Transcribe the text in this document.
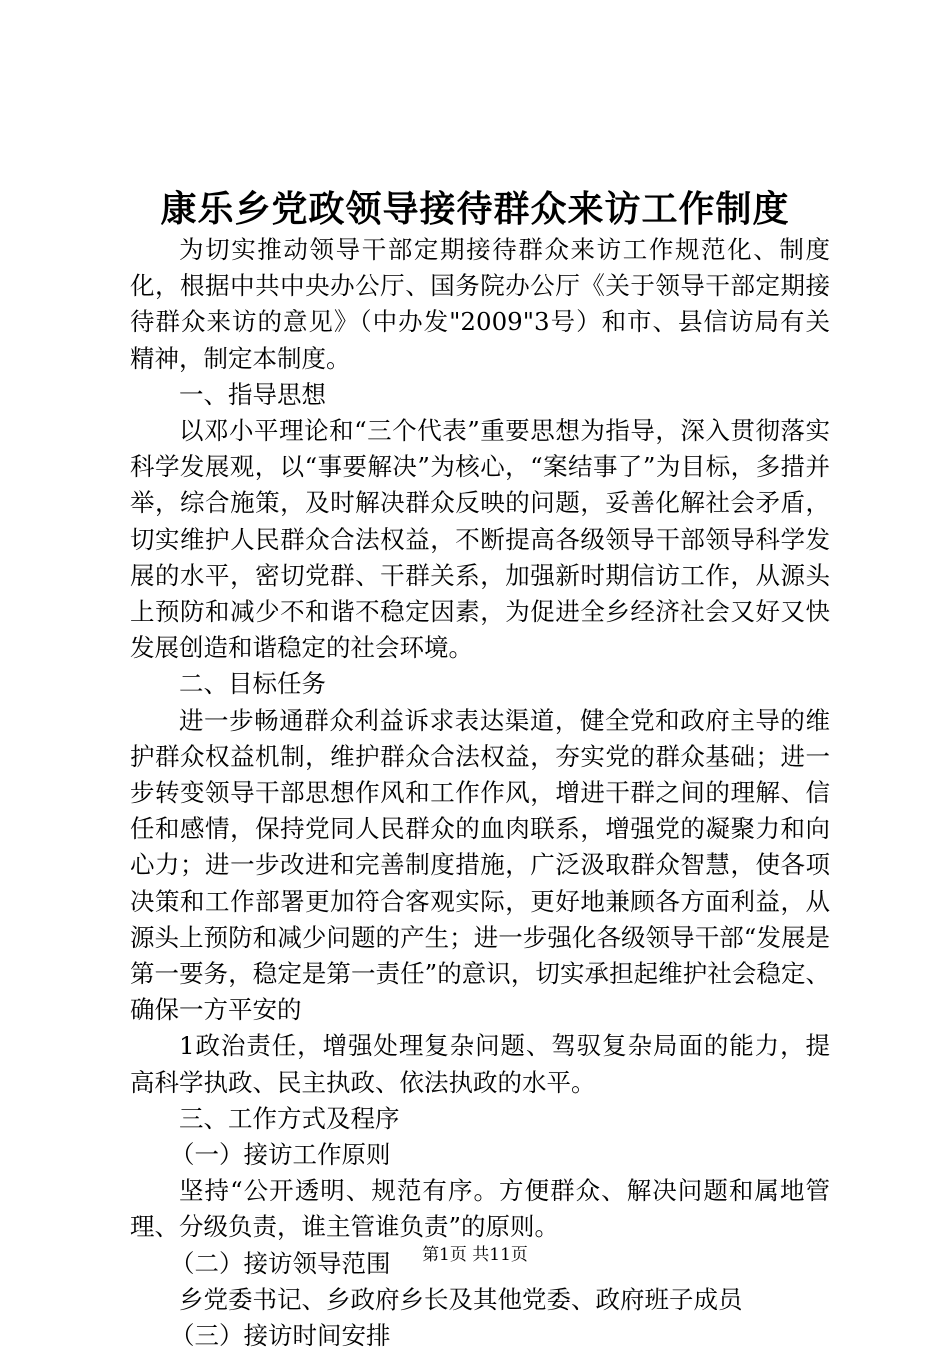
康乐乡党政领导接待群众来访工作制度

为切实推动领导干部定期接待群众来访工作规范化、制度化，根据中共中央办公厅、国务院办公厅《关于领导干部定期接待群众来访的意见》（中办发"2009"3号）和市、县信访局有关精神，制定本制度。

一、指导思想

以邓小平理论和“三个代表”重要思想为指导，深入贯彻落实科学发展观，以“事要解决”为核心，“案结事了”为目标，多措并举，综合施策，及时解决群众反映的问题，妥善化解社会矛盾，切实维护人民群众合法权益，不断提高各级领导干部领导科学发展的水平，密切党群、干群关系，加强新时期信访工作，从源头上预防和减少不和谐不稳定因素，为促进全乡经济社会又好又快发展创造和谐稳定的社会环境。

二、目标任务

进一步畅通群众利益诉求表达渠道，健全党和政府主导的维护群众权益机制，维护群众合法权益，夯实党的群众基础；进一步转变领导干部思想作风和工作作风，增进干群之间的理解、信任和感情，保持党同人民群众的血肉联系，增强党的凝聚力和向心力；进一步改进和完善制度措施，广泛汲取群众智慧，使各项决策和工作部署更加符合客观实际，更好地兼顾各方面利益，从源头上预防和减少问题的产生；进一步强化各级领导干部“发展是第一要务，稳定是第一责任”的意识，切实承担起维护社会稳定、确保一方平安的

1政治责任，增强处理复杂问题、驾驭复杂局面的能力，提高科学执政、民主执政、依法执政的水平。

三、工作方式及程序

（一）接访工作原则

坚持“公开透明、规范有序。方便群众、解决问题和属地管理、分级负责，谁主管谁负责”的原则。

（二）接访领导范围

乡党委书记、乡政府乡长及其他党委、政府班子成员

（三）接访时间安排

第1页 共11页
